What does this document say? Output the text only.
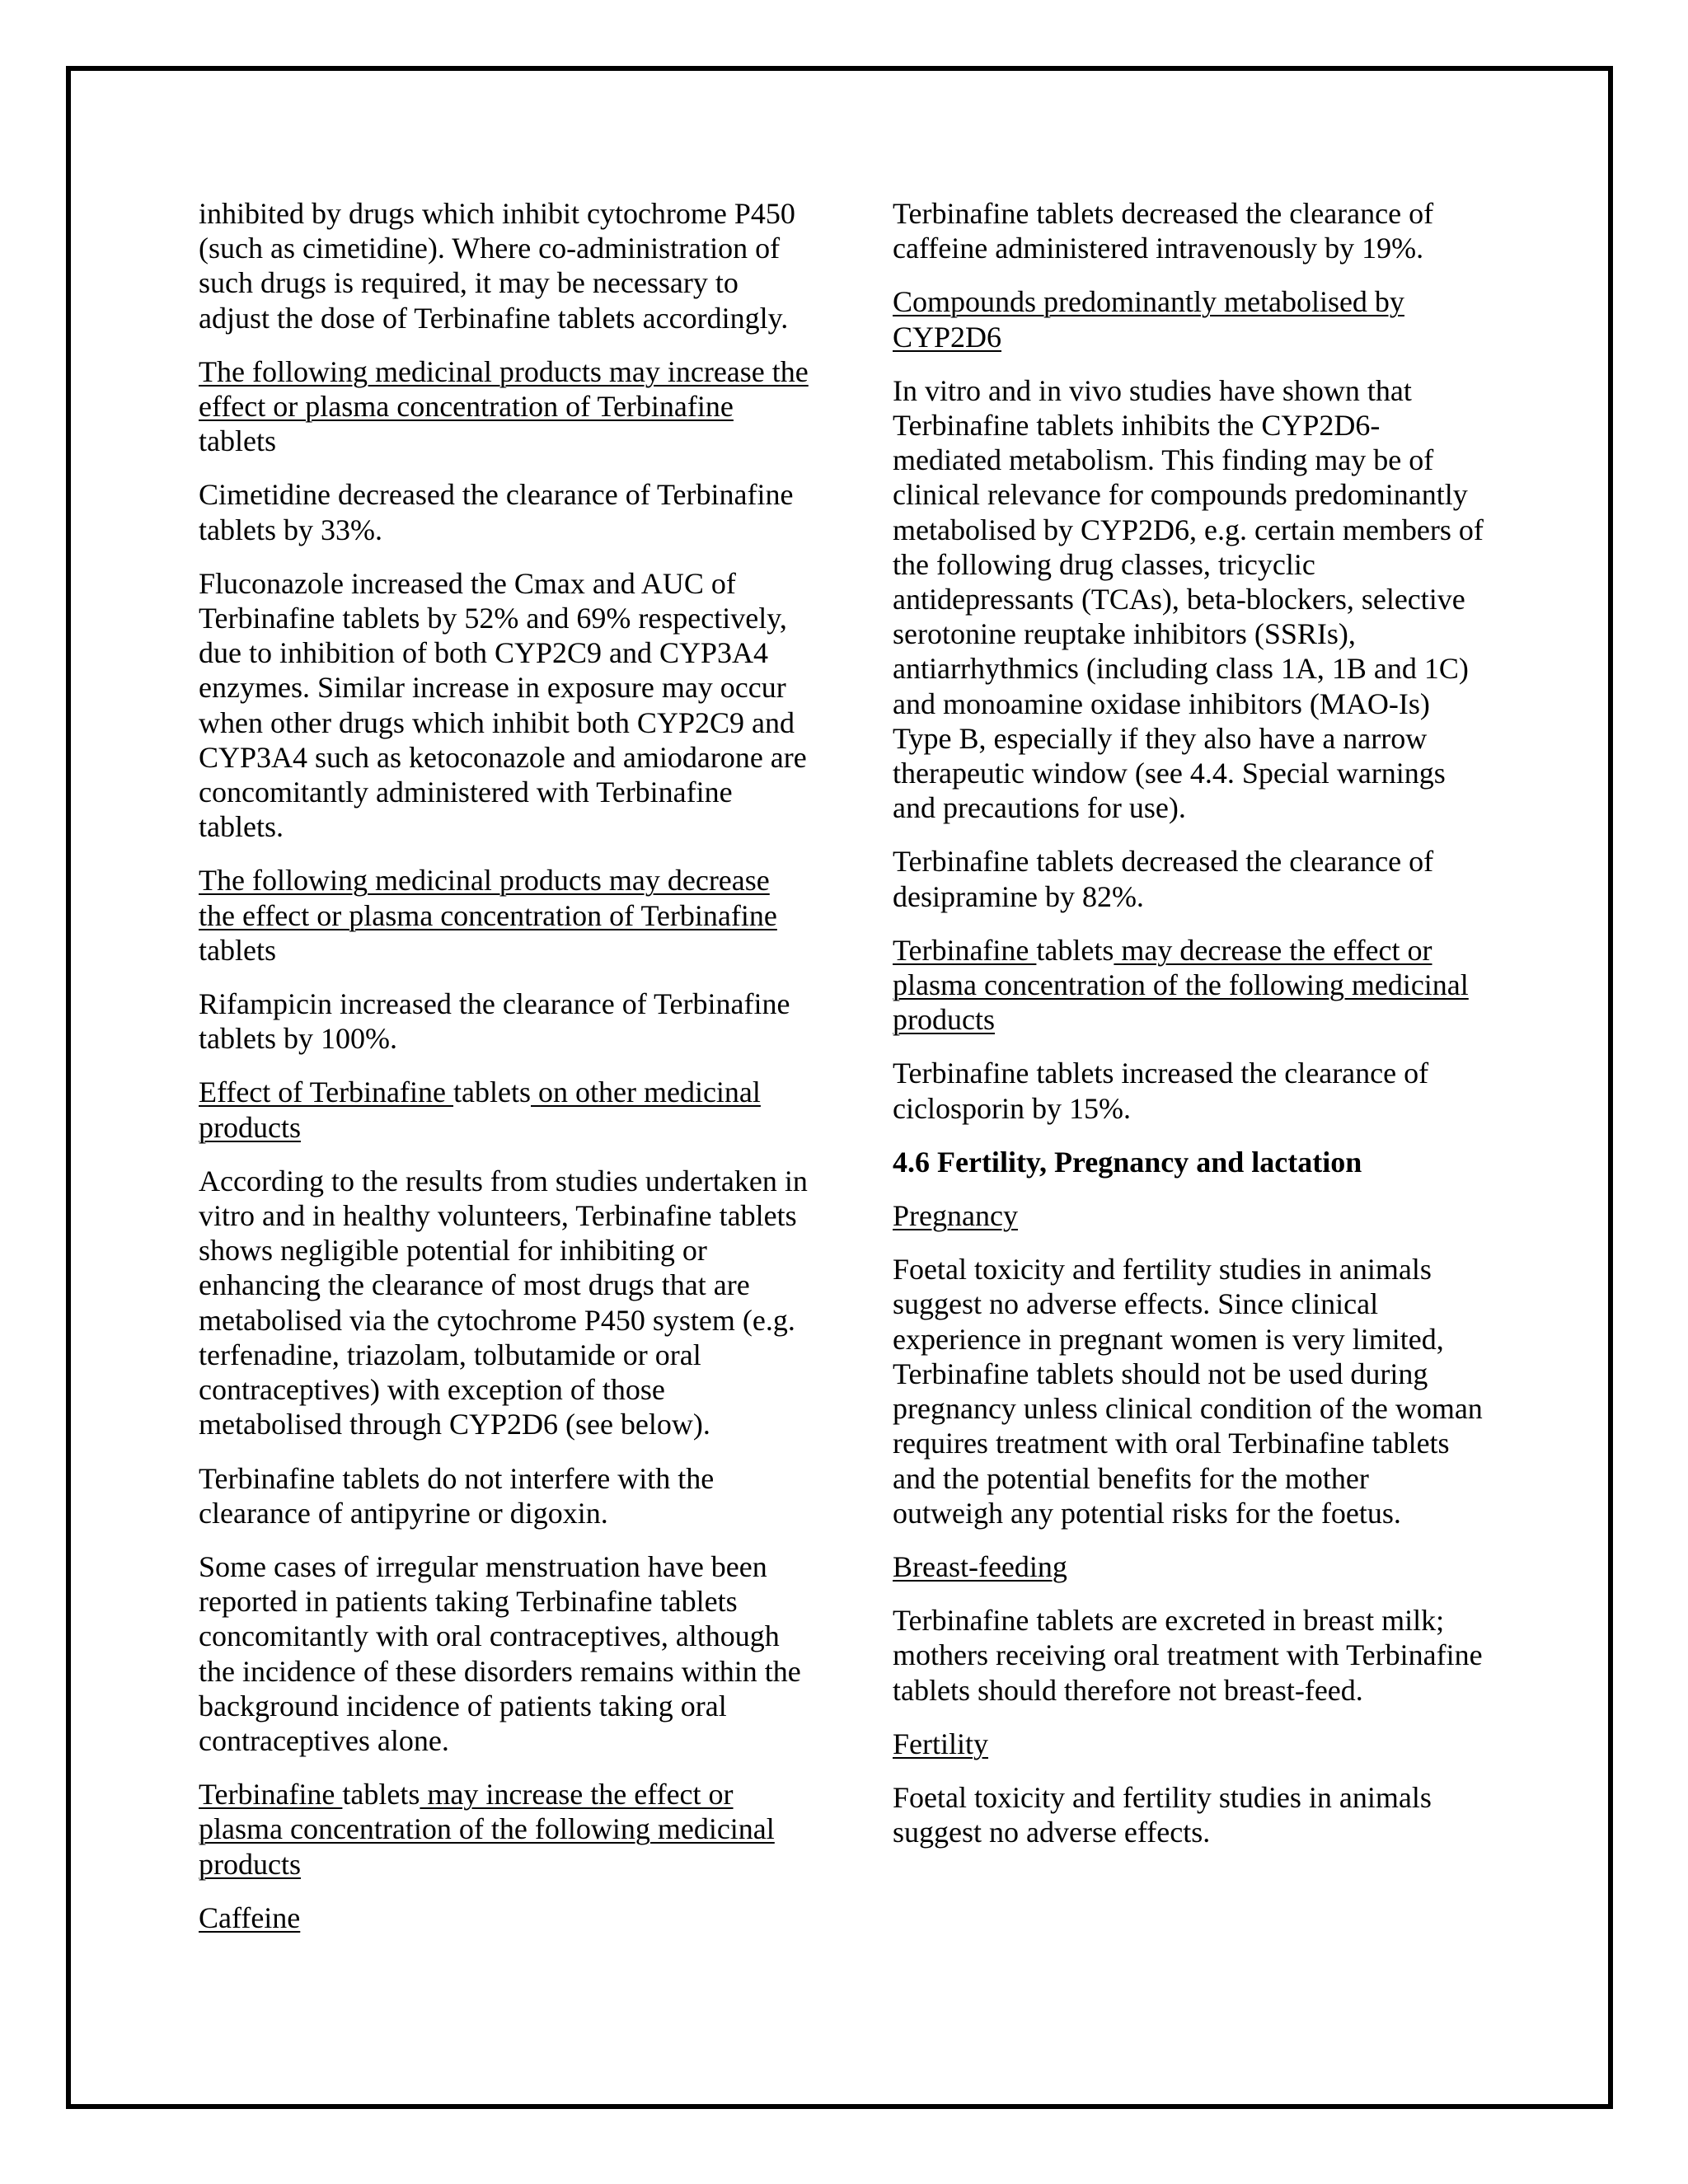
inhibited by drugs which inhibit cytochrome P450 (such as cimetidine). Where co-administration of such drugs is required, it may be necessary to adjust the dose of Terbinafine tablets accordingly.

The following medicinal products may increase the effect or plasma concentration of Terbinafine tablets

Cimetidine decreased the clearance of Terbinafine tablets by 33%.

Fluconazole increased the Cmax and AUC of Terbinafine tablets by 52% and 69% respectively, due to inhibition of both CYP2C9 and CYP3A4 enzymes. Similar increase in exposure may occur when other drugs which inhibit both CYP2C9 and CYP3A4 such as ketoconazole and amiodarone are concomitantly administered with Terbinafine tablets.

The following medicinal products may decrease the effect or plasma concentration of Terbinafine tablets

Rifampicin increased the clearance of Terbinafine tablets by 100%.

Effect of Terbinafine tablets on other medicinal products

According to the results from studies undertaken in vitro and in healthy volunteers, Terbinafine tablets shows negligible potential for inhibiting or enhancing the clearance of most drugs that are metabolised via the cytochrome P450 system (e.g. terfenadine, triazolam, tolbutamide or oral contraceptives) with exception of those metabolised through CYP2D6 (see below).

Terbinafine tablets do not interfere with the clearance of antipyrine or digoxin.

Some cases of irregular menstruation have been reported in patients taking Terbinafine tablets concomitantly with oral contraceptives, although the incidence of these disorders remains within the background incidence of patients taking oral contraceptives alone.

Terbinafine tablets may increase the effect or plasma concentration of the following medicinal products

Caffeine

Terbinafine tablets decreased the clearance of caffeine administered intravenously by 19%.

Compounds predominantly metabolised by CYP2D6

In vitro and in vivo studies have shown that Terbinafine tablets inhibits the CYP2D6-mediated metabolism. This finding may be of clinical relevance for compounds predominantly metabolised by CYP2D6, e.g. certain members of the following drug classes, tricyclic antidepressants (TCAs), beta-blockers, selective serotonine reuptake inhibitors (SSRIs), antiarrhythmics (including class 1A, 1B and 1C) and monoamine oxidase inhibitors (MAO-Is) Type B, especially if they also have a narrow therapeutic window (see 4.4. Special warnings and precautions for use).

Terbinafine tablets decreased the clearance of desipramine by 82%.

Terbinafine tablets may decrease the effect or plasma concentration of the following medicinal products

Terbinafine tablets increased the clearance of ciclosporin by 15%.

4.6 Fertility, Pregnancy and lactation

Pregnancy

Foetal toxicity and fertility studies in animals suggest no adverse effects. Since clinical experience in pregnant women is very limited, Terbinafine tablets should not be used during pregnancy unless clinical condition of the woman requires treatment with oral Terbinafine tablets and the potential benefits for the mother outweigh any potential risks for the foetus.

Breast-feeding

Terbinafine tablets are excreted in breast milk; mothers receiving oral treatment with Terbinafine tablets should therefore not breast-feed.

Fertility

Foetal toxicity and fertility studies in animals suggest no adverse effects.
